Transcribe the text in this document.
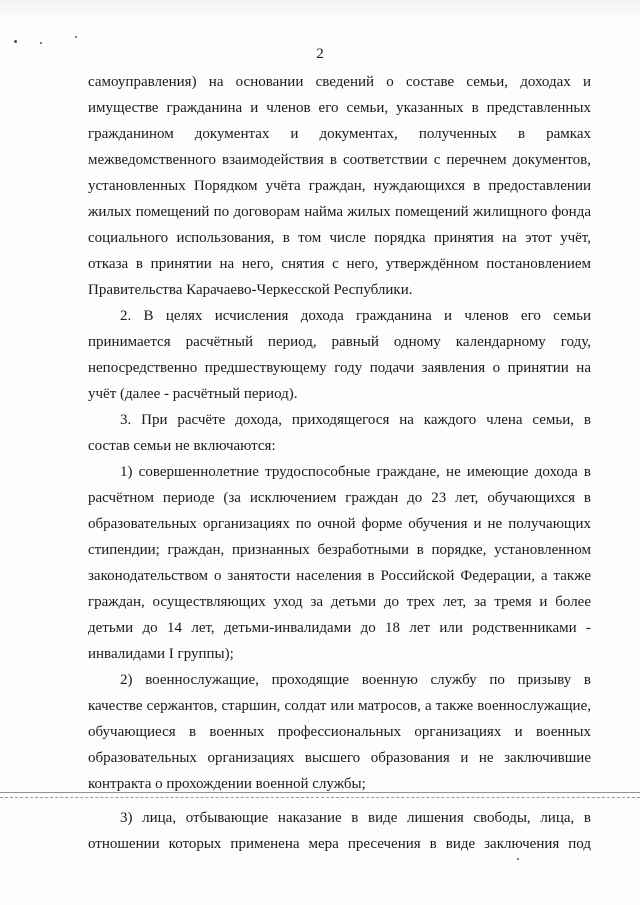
2
самоуправления) на основании сведений о составе семьи, доходах и
имуществе гражданина и членов его семьи, указанных в представленных
гражданином документах и документах, полученных в рамках
межведомственного взаимодействия в соответствии с перечнем документов,
установленных Порядком учёта граждан, нуждающихся в предоставлении
жилых помещений по договорам найма жилых помещений жилищного фонда
социального использования, в том числе порядка принятия на этот учёт,
отказа в принятии на него, снятия с него, утверждённом постановлением
Правительства Карачаево-Черкесской Республики.
2. В целях исчисления дохода гражданина и членов его семьи
принимается расчётный период, равный одному календарному году,
непосредственно предшествующему году подачи заявления о принятии на
учёт (далее - расчётный период).
3. При расчёте дохода, приходящегося на каждого члена семьи, в
состав семьи не включаются:
1) совершеннолетние трудоспособные граждане, не имеющие дохода в
расчётном периоде (за исключением граждан до 23 лет, обучающихся в
образовательных организациях по очной форме обучения и не получающих
стипендии; граждан, признанных безработными в порядке, установленном
законодательством о занятости населения в Российской Федерации, а также
граждан, осуществляющих уход за детьми до трех лет, за тремя и более
детьми до 14 лет, детьми-инвалидами до 18 лет или родственниками -
инвалидами I группы);
2) военнослужащие, проходящие военную службу по призыву в
качестве сержантов, старшин, солдат или матросов, а также военнослужащие,
обучающиеся в военных профессиональных организациях и военных
образовательных организациях высшего образования и не заключившие
контракта о прохождении военной службы;
3) лица, отбывающие наказание в виде лишения свободы, лица, в
отношении которых применена мера пресечения в виде заключения под
